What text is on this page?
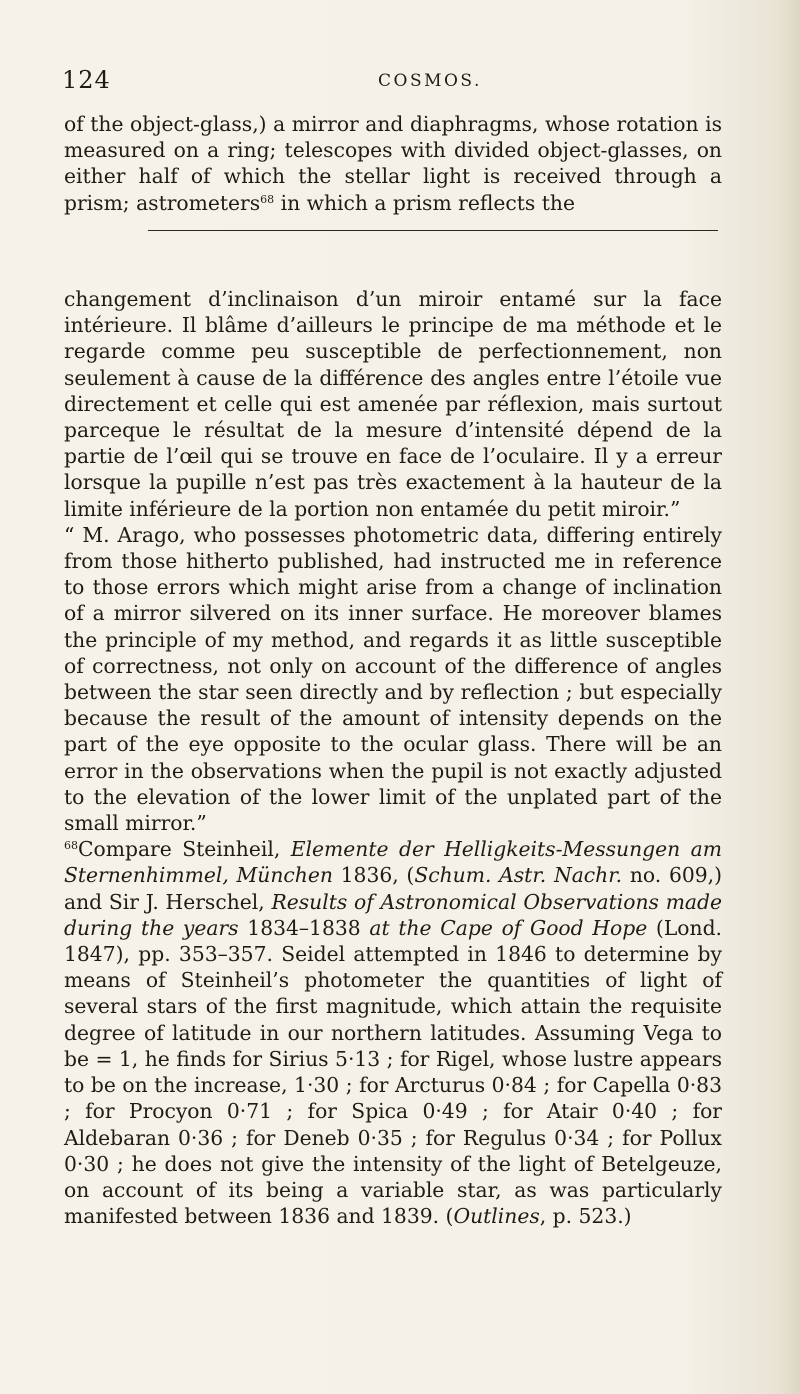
124	COSMOS.

of the object-glass,) a mirror and diaphragms, whose rotation is measured on a ring; telescopes with divided object-glasses, on either half of which the stellar light is received through a prism; astrometers$^{68}$ in which a prism reflects the

changement d’inclinaison d’un miroir entamé sur la face intérieure. Il blâme d’ailleurs le principe de ma méthode et le regarde comme peu susceptible de perfectionnement, non seulement à cause de la différence des angles entre l’étoile vue directement et celle qui est amenée par réflexion, mais surtout parceque le résultat de la mesure d’intensité dépend de la partie de l’œil qui se trouve en face de l’oculaire. Il y a erreur lorsque la pupille n’est pas très exactement à la hauteur de la limite inférieure de la portion non entamée du petit miroir.”

“ M. Arago, who possesses photometric data, differing entirely from those hitherto published, had instructed me in reference to those errors which might arise from a change of inclination of a mirror silvered on its inner surface. He moreover blames the principle of my method, and regards it as little susceptible of correctness, not only on account of the difference of angles between the star seen directly and by reflection ; but especially because the result of the amount of intensity depends on the part of the eye opposite to the ocular glass. There will be an error in the observations when the pupil is not exactly adjusted to the elevation of the lower limit of the unplated part of the small mirror.”

$^{68}$Compare Steinheil, Elemente der Helligkeits-Messungen am Sternenhimmel, München 1836, (Schum. Astr. Nachr. no. 609,) and Sir J. Herschel, Results of Astronomical Observations made during the years 1834–1838 at the Cape of Good Hope (Lond. 1847), pp. 353–357. Seidel attempted in 1846 to determine by means of Steinheil’s photometer the quantities of light of several stars of the first magnitude, which attain the requisite degree of latitude in our northern latitudes. Assuming Vega to be = 1, he finds for Sirius 5·13 ; for Rigel, whose lustre appears to be on the increase, 1·30 ; for Arcturus 0·84 ; for Capella 0·83 ; for Procyon 0·71 ; for Spica 0·49 ; for Atair 0·40 ; for Aldebaran 0·36 ; for Deneb 0·35 ; for Regulus 0·34 ; for Pollux 0·30 ; he does not give the intensity of the light of Betelgeuze, on account of its being a variable star, as was particularly manifested between 1836 and 1839. (Outlines, p. 523.)
